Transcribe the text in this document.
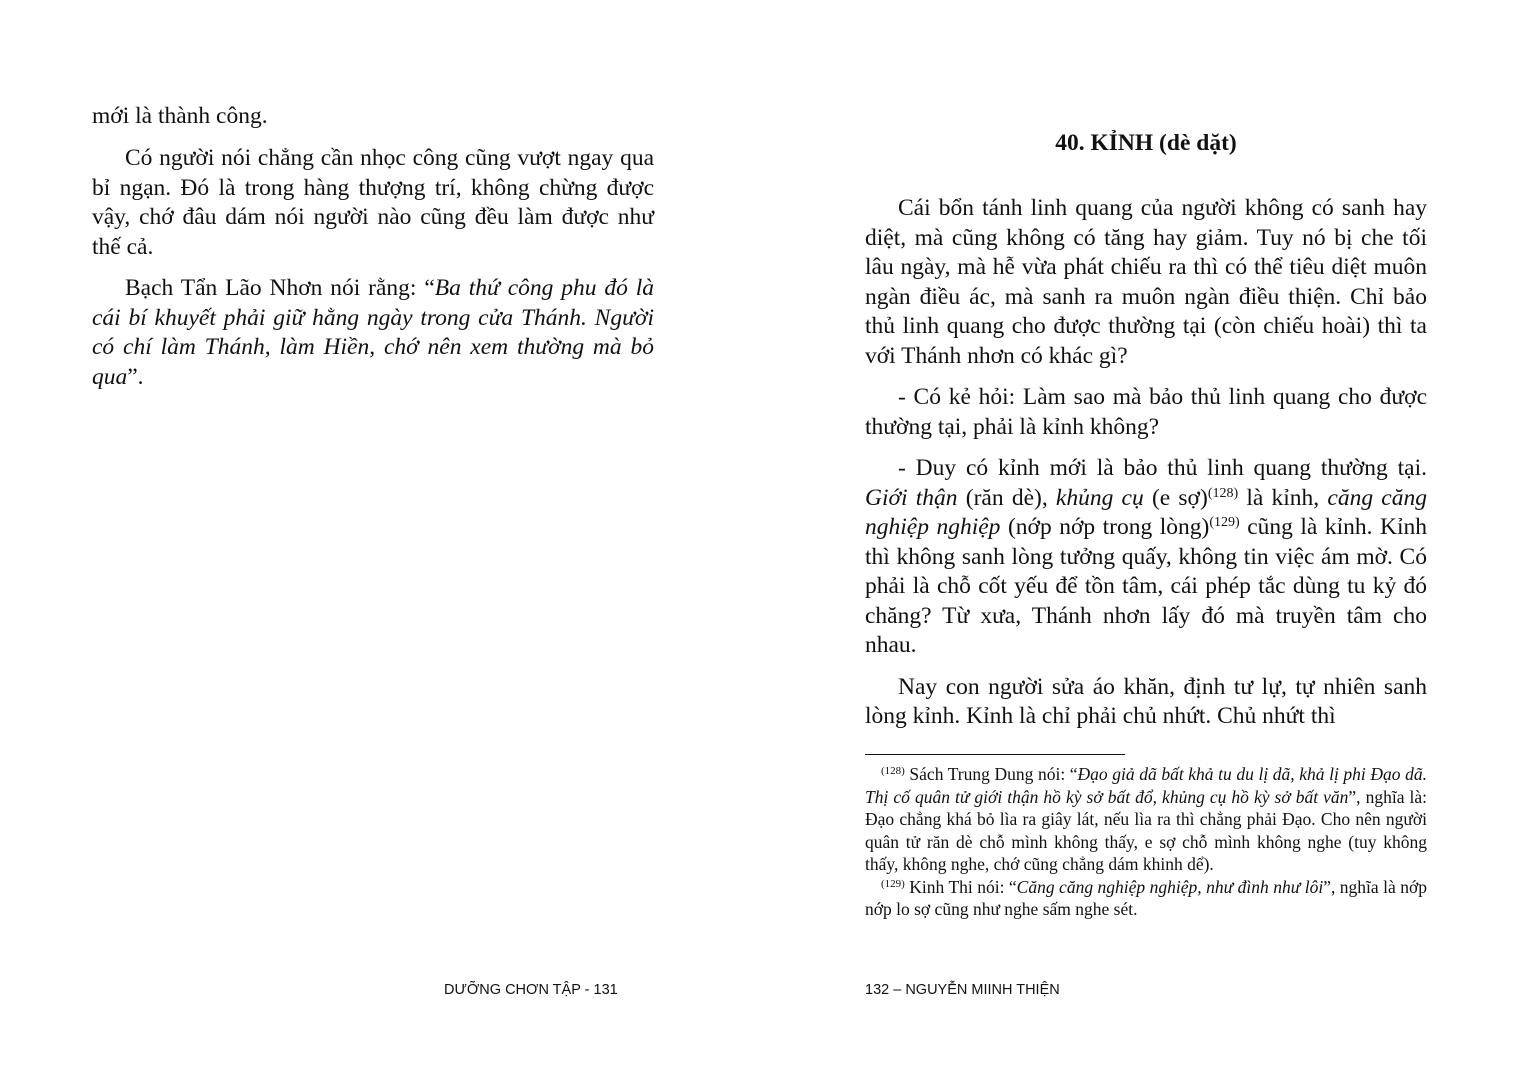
mới là thành công.

Có người nói chẳng cần nhọc công cũng vượt ngay qua bỉ ngạn. Đó là trong hàng thượng trí, không chừng được vậy, chớ đâu dám nói người nào cũng đều làm được như thế cả.

Bạch Tẩn Lão Nhơn nói rằng: “Ba thứ công phu đó là cái bí khuyết phải giữ hằng ngày trong cửa Thánh. Người có chí làm Thánh, làm Hiền, chớ nên xem thường mà bỏ qua”.

DƯỠNG CHƠN TẬP - 131
40. KỈNH (dè dặt)

Cái bổn tánh linh quang của người không có sanh hay diệt, mà cũng không có tăng hay giảm. Tuy nó bị che tối lâu ngày, mà hễ vừa phát chiếu ra thì có thể tiêu diệt muôn ngàn điều ác, mà sanh ra muôn ngàn điều thiện. Chỉ bảo thủ linh quang cho được thường tại (còn chiếu hoài) thì ta với Thánh nhơn có khác gì?

- Có kẻ hỏi: Làm sao mà bảo thủ linh quang cho được thường tại, phải là kỉnh không?

- Duy có kỉnh mới là bảo thủ linh quang thường tại. Giới thận (răn dè), khủng cụ (e sợ)$^{(128)}$ là kỉnh, căng căng nghiệp nghiệp (nớp nớp trong lòng)$^{(129)}$ cũng là kỉnh. Kỉnh thì không sanh lòng tưởng quấy, không tin việc ám mờ. Có phải là chỗ cốt yếu để tồn tâm, cái phép tắc dùng tu kỷ đó chăng? Từ xưa, Thánh nhơn lấy đó mà truyền tâm cho nhau.

Nay con người sửa áo khăn, định tư lự, tự nhiên sanh lòng kỉnh. Kỉnh là chỉ phải chủ nhứt. Chủ nhứt thì

$^{(128)}$ Sách Trung Dung nói: “Đạo giả dã bất khả tu du lị dã, khả lị phi Đạo dã. Thị cố quân tử giới thận hồ kỳ sở bất đổ, khủng cụ hồ kỳ sở bất văn”, nghĩa là: Đạo chẳng khá bỏ lìa ra giây lát, nếu lìa ra thì chẳng phải Đạo. Cho nên người quân tử răn dè chỗ mình không thấy, e sợ chỗ mình không nghe (tuy không thấy, không nghe, chớ cũng chẳng dám khinh dể).

$^{(129)}$ Kinh Thi nói: “Căng căng nghiệp nghiệp, như đình như lôi”, nghĩa là nớp nớp lo sợ cũng như nghe sấm nghe sét.

132 – NGUYỄN MIINH THIỆN
